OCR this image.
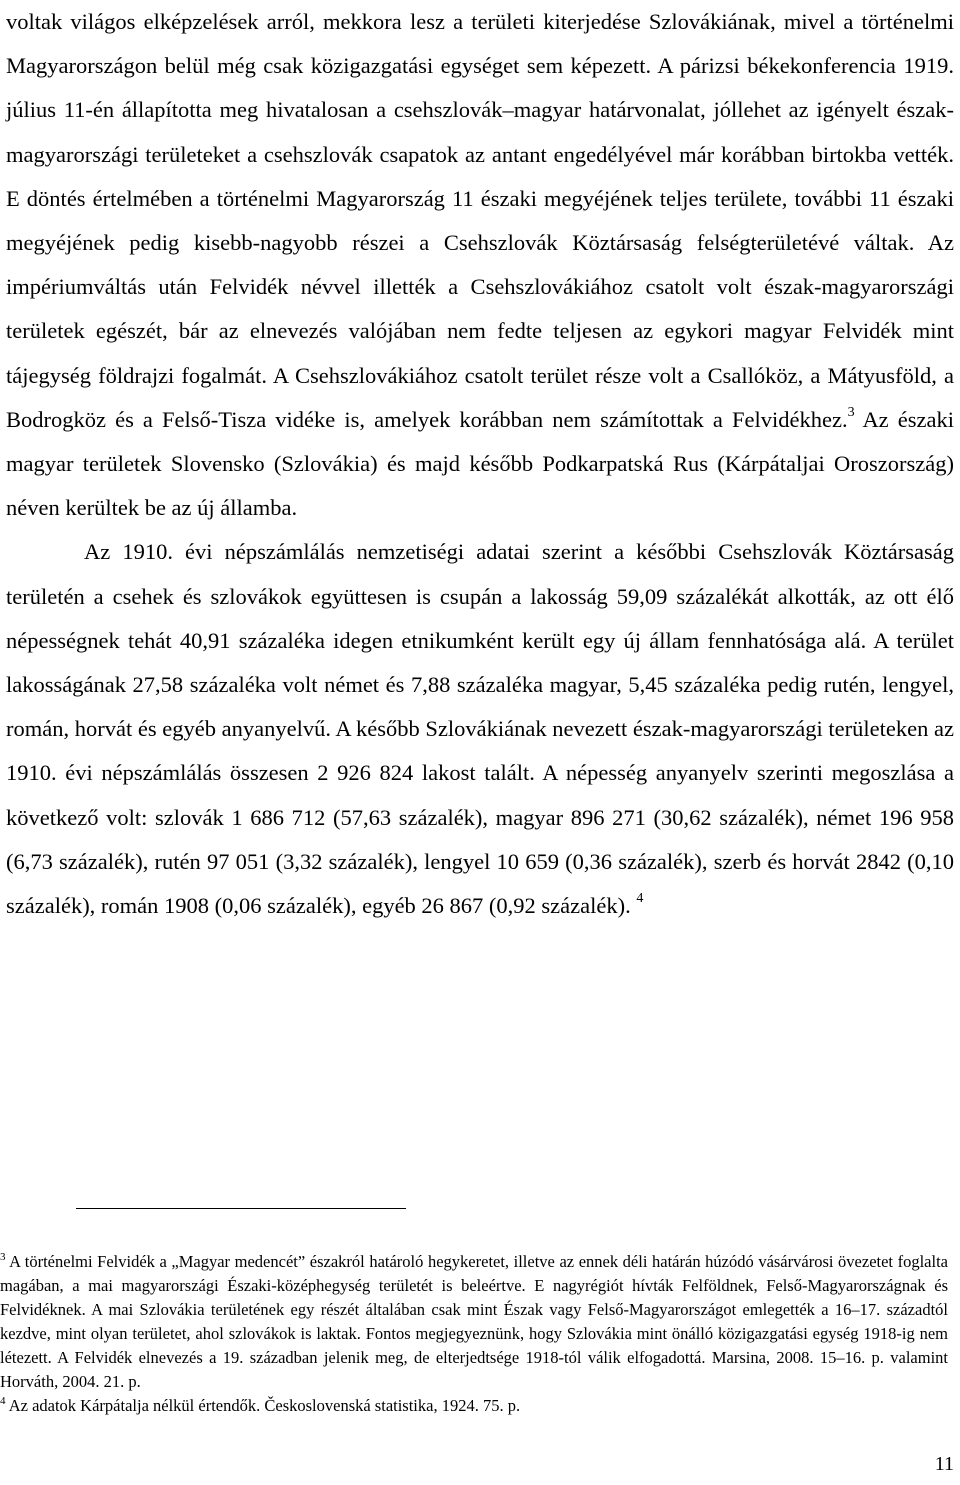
voltak világos elképzelések arról, mekkora lesz a területi kiterjedése Szlovákiának, mivel a történelmi Magyarországon belül még csak közigazgatási egységet sem képezett. A párizsi békekonferencia 1919. július 11-én állapította meg hivatalosan a csehszlovák–magyar határvonalat, jóllehet az igényelt észak-magyarországi területeket a csehszlovák csapatok az antant engedélyével már korábban birtokba vették. E döntés értelmében a történelmi Magyarország 11 északi megyéjének teljes területe, további 11 északi megyéjének pedig kisebb-nagyobb részei a Csehszlovák Köztársaság felségterületévé váltak. Az impériumváltás után Felvidék névvel illették a Csehszlovákiához csatolt volt észak-magyarországi területek egészét, bár az elnevezés valójában nem fedte teljesen az egykori magyar Felvidék mint tájegység földrajzi fogalmát. A Csehszlovákiához csatolt terület része volt a Csallóköz, a Mátyusföld, a Bodrogköz és a Felső-Tisza vidéke is, amelyek korábban nem számítottak a Felvidékhez.$^3$ Az északi magyar területek Slovensko (Szlovákia) és majd később Podkarpatská Rus (Kárpátaljai Oroszország) néven kerültek be az új államba.

Az 1910. évi népszámlálás nemzetiségi adatai szerint a későbbi Csehszlovák Köztársaság területén a csehek és szlovákok együttesen is csupán a lakosság 59,09 százalékát alkották, az ott élő népességnek tehát 40,91 százaléka idegen etnikumként került egy új állam fennhatósága alá. A terület lakosságának 27,58 százaléka volt német és 7,88 százaléka magyar, 5,45 százaléka pedig rutén, lengyel, román, horvát és egyéb anyanyelvű. A később Szlovákiának nevezett észak-magyarországi területeken az 1910. évi népszámlálás összesen 2 926 824 lakost talált. A népesség anyanyelv szerinti megoszlása a következő volt: szlovák 1 686 712 (57,63 százalék), magyar 896 271 (30,62 százalék), német 196 958 (6,73 százalék), rutén 97 051 (3,32 százalék), lengyel 10 659 (0,36 százalék), szerb és horvát 2842 (0,10 százalék), román 1908 (0,06 százalék), egyéb 26 867 (0,92 százalék). $^4$

$^3$ A történelmi Felvidék a „Magyar medencét” északról határoló hegykeretet, illetve az ennek déli határán húzódó vásárvárosi övezetet foglalta magában, a mai magyarországi Északi-középhegység területét is beleértve. E nagyrégiót hívták Felföldnek, Felső-Magyarországnak és Felvidéknek. A mai Szlovákia területének egy részét általában csak mint Észak vagy Felső-Magyarországot emlegették a 16–17. századtól kezdve, mint olyan területet, ahol szlovákok is laktak. Fontos megjegyeznünk, hogy Szlovákia mint önálló közigazgatási egység 1918-ig nem létezett. A Felvidék elnevezés a 19. században jelenik meg, de elterjedtsége 1918-tól válik elfogadottá. Marsina, 2008. 15–16. p. valamint Horváth, 2004. 21. p.

$^4$ Az adatok Kárpátalja nélkül értendők. Československá statistika, 1924. 75. p.

11
